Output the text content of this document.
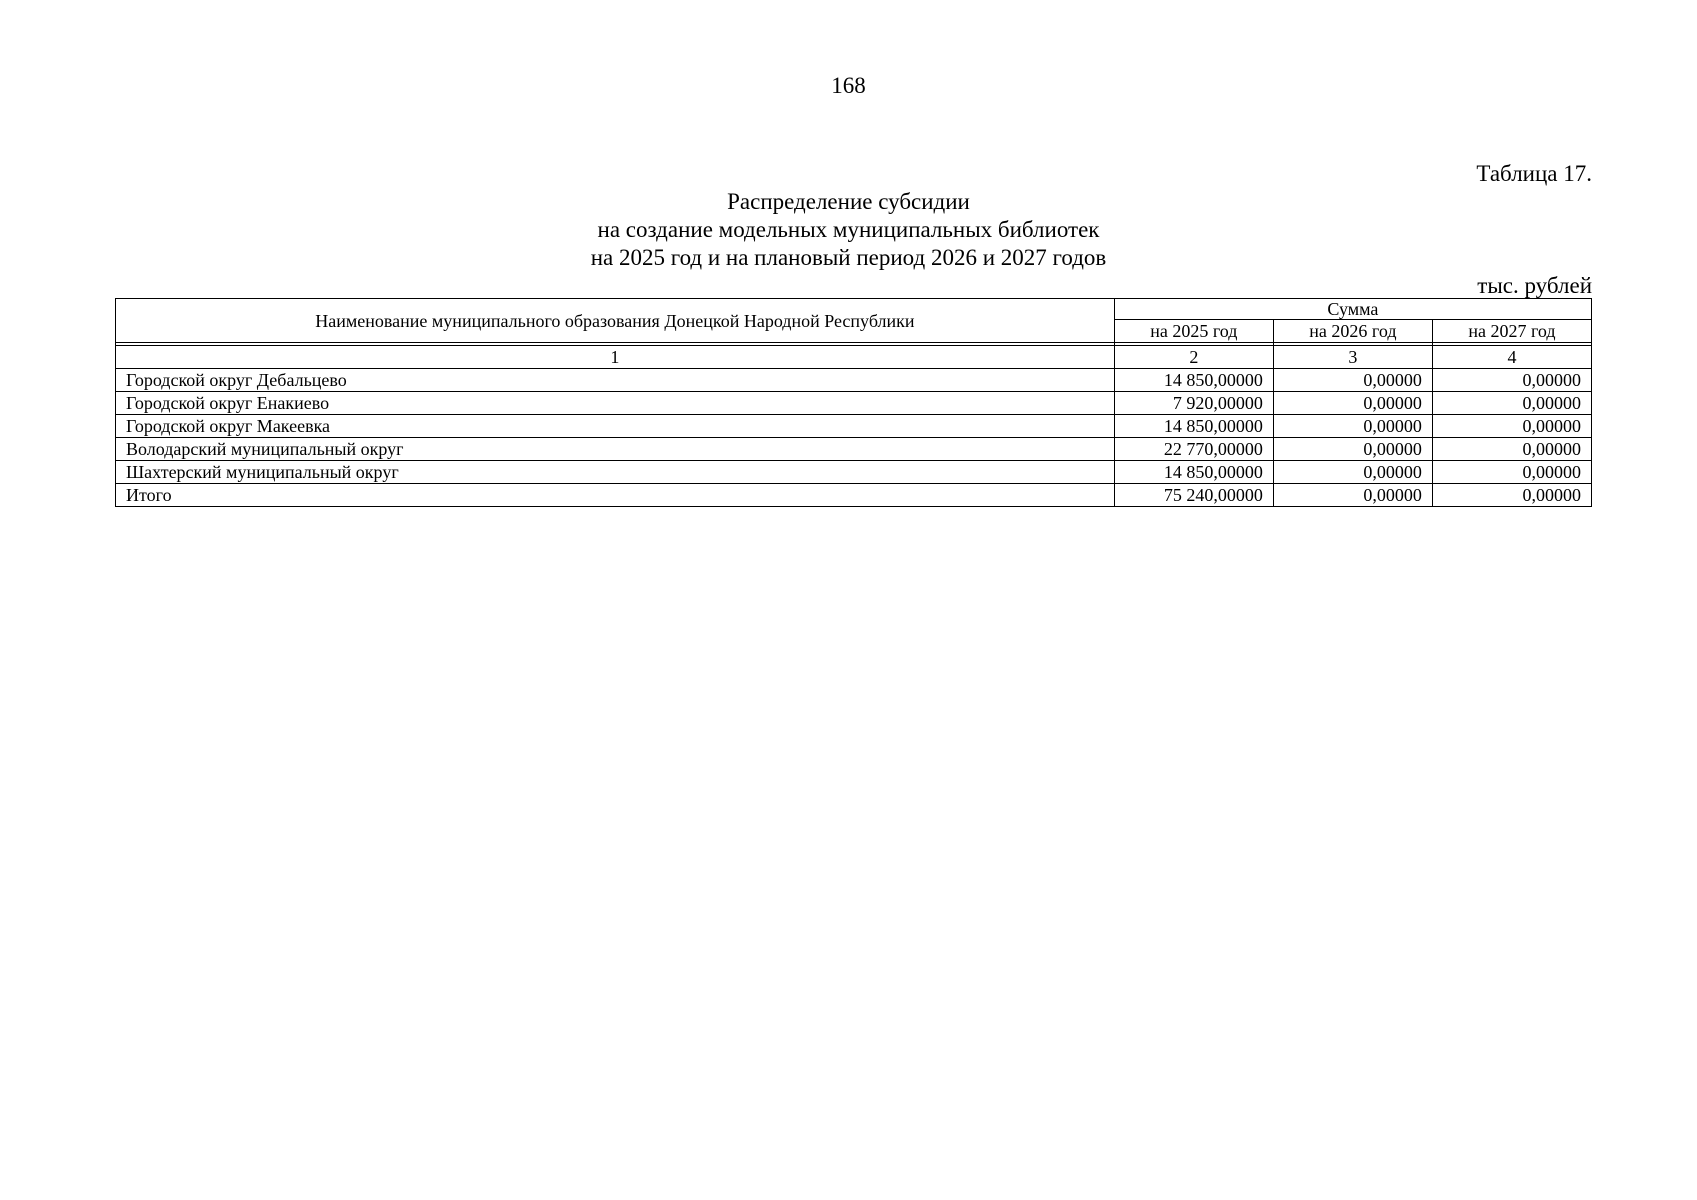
168
Таблица 17.
Распределение субсидии
на создание модельных муниципальных библиотек
на 2025 год и на плановый период 2026 и 2027 годов
тыс. рублей
Наименование муниципального образования Донецкой Народной Республики	Сумма		
	на 2025 год	на 2026 год	на 2027 год

1	2	3	4
Городской округ Дебальцево	14 850,00000	0,00000	0,00000
Городской округ Енакиево	7 920,00000	0,00000	0,00000
Городской округ Макеевка	14 850,00000	0,00000	0,00000
Володарский муниципальный округ	22 770,00000	0,00000	0,00000
Шахтерский муниципальный округ	14 850,00000	0,00000	0,00000
Итого	75 240,00000	0,00000	0,00000
